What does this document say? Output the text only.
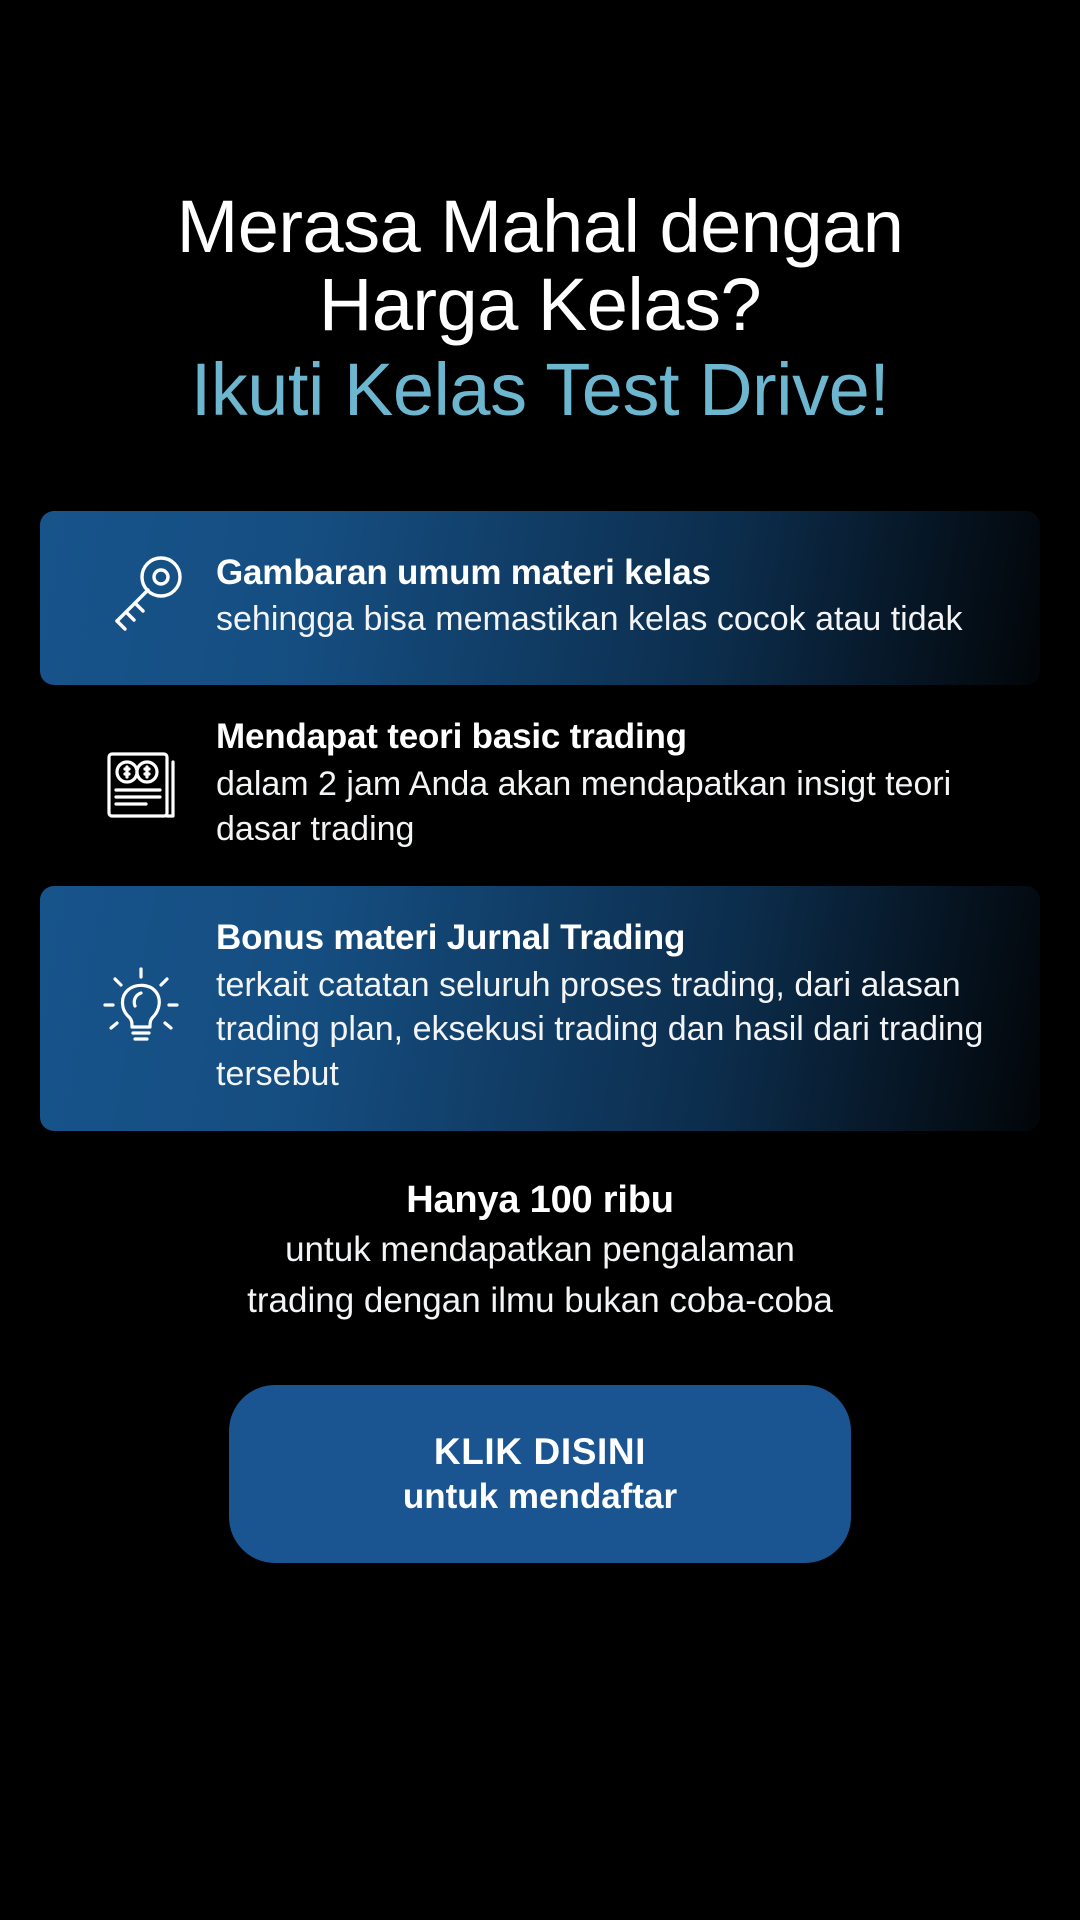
Merasa Mahal dengan
Harga Kelas?
Ikuti Kelas Test Drive!
Gambaran umum materi kelas
sehingga bisa memastikan kelas cocok atau tidak
Mendapat teori basic trading
dalam 2 jam Anda akan mendapatkan insigt teori dasar trading
Bonus materi Jurnal Trading
terkait catatan seluruh proses trading, dari alasan trading plan, eksekusi trading dan hasil dari trading tersebut
Hanya 100 ribu
untuk mendapatkan pengalaman
trading dengan ilmu bukan coba-coba
KLIK DISINI
untuk mendaftar
